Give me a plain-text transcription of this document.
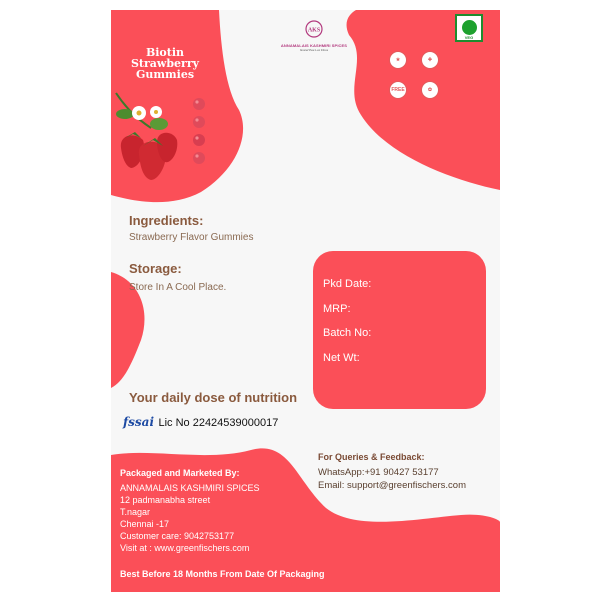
Biotin Strawberry
Gummies
AKS
ANNAMALAIS KASHMIRI SPICES
Grand Pee Lux Floss
VEG
★	✚
FREE	✿
Ingredients:
Strawberry Flavor Gummies
Storage:
Store In A Cool Place.	Pkd Date:
MRP:
Batch No:
Net Wt:
Your daily dose of nutrition
fssai Lic No 22424539000017
Packaged and Marketed By:
ANNAMALAIS KASHMIRI SPICES
12 padmanabha street
T.nagar
Chennai -17
Customer care: 9042753177
Visit at : www.greenfischers.com
For Queries & Feedback:
WhatsApp:+91 90427 53177
Email: support@greenfischers.com
Best Before 18 Months From Date Of Packaging
